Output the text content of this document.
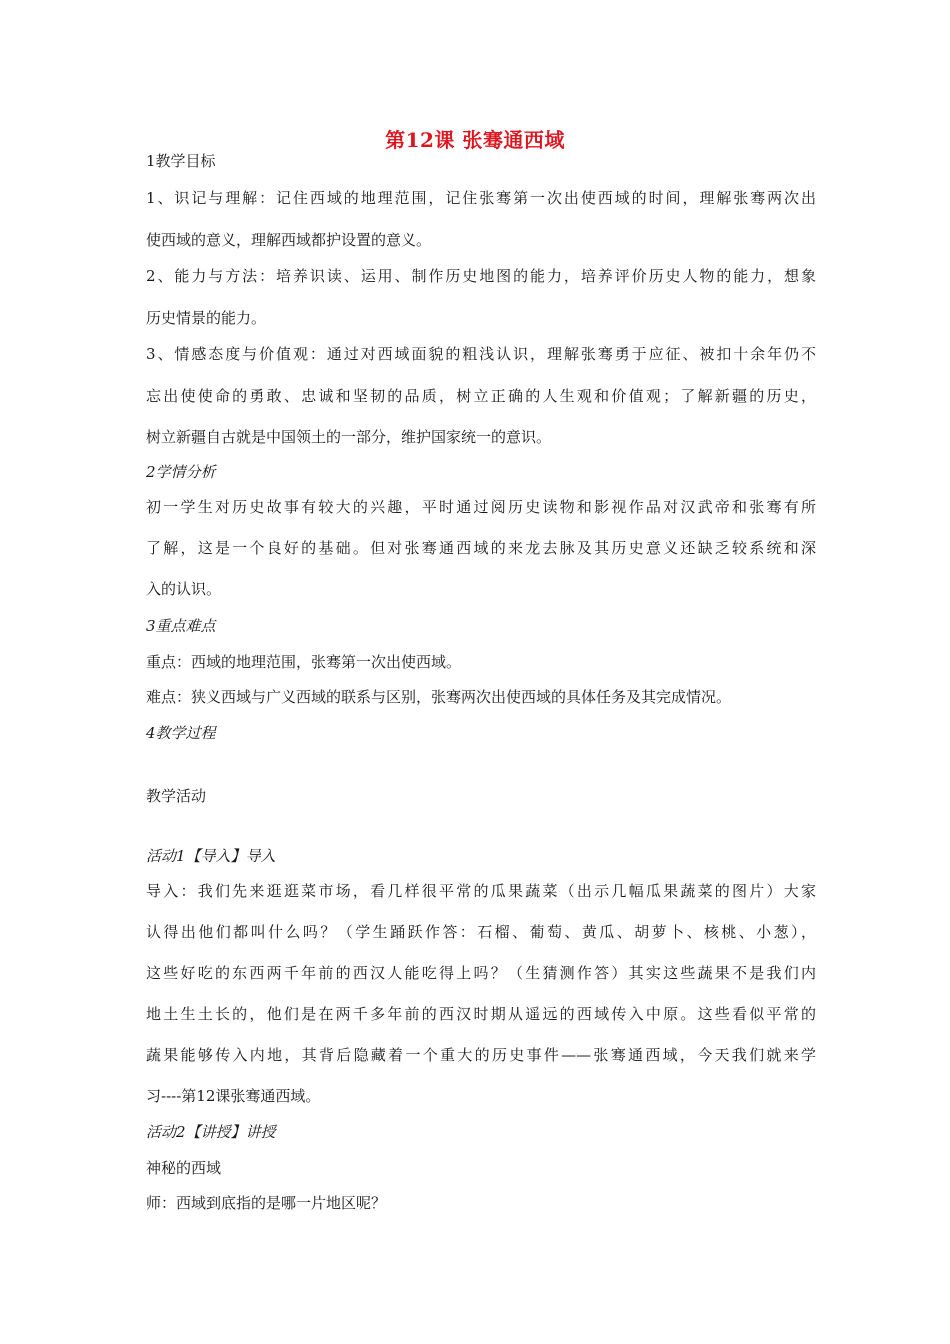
第12课 张骞通西域
1教学目标
1、识记与理解：记住西域的地理范围，记住张骞第一次出使西域的时间，理解张骞两次出
使西域的意义，理解西域都护设置的意义。
2、能力与方法：培养识读、运用、制作历史地图的能力，培养评价历史人物的能力，想象
历史情景的能力。
3、情感态度与价值观：通过对西域面貌的粗浅认识，理解张骞勇于应征、被扣十余年仍不
忘出使使命的勇敢、忠诚和坚韧的品质，树立正确的人生观和价值观；了解新疆的历史，
树立新疆自古就是中国领土的一部分，维护国家统一的意识。
2学情分析
初一学生对历史故事有较大的兴趣，平时通过阅历史读物和影视作品对汉武帝和张骞有所
了解，这是一个良好的基础。但对张骞通西域的来龙去脉及其历史意义还缺乏较系统和深
入的认识。
3重点难点
重点：西域的地理范围，张骞第一次出使西域。
难点：狭义西域与广义西域的联系与区别，张骞两次出使西域的具体任务及其完成情况。
4教学过程
教学活动
活动1【导入】导入
导入：我们先来逛逛菜市场，看几样很平常的瓜果蔬菜（出示几幅瓜果蔬菜的图片）大家
认得出他们都叫什么吗？（学生踊跃作答：石榴、葡萄、黄瓜、胡萝卜、核桃、小葱），
这些好吃的东西两千年前的西汉人能吃得上吗？（生猜测作答）其实这些蔬果不是我们内
地土生土长的，他们是在两千多年前的西汉时期从遥远的西域传入中原。这些看似平常的
蔬果能够传入内地，其背后隐藏着一个重大的历史事件——张骞通西域，今天我们就来学
习----第12课张骞通西域。
活动2【讲授】讲授
神秘的西域
师：西域到底指的是哪一片地区呢？
